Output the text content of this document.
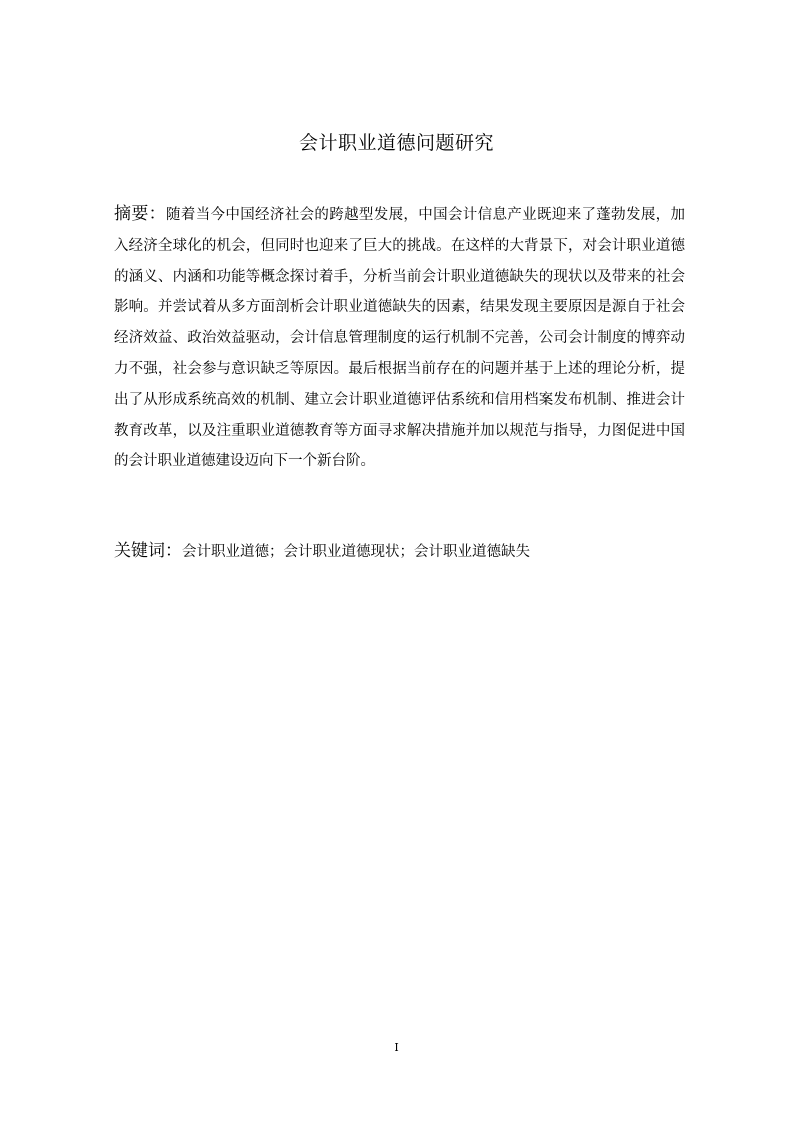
会计职业道德问题研究
摘要：随着当今中国经济社会的跨越型发展，中国会计信息产业既迎来了蓬勃发展，加入经济全球化的机会，但同时也迎来了巨大的挑战。在这样的大背景下，对会计职业道德的涵义、内涵和功能等概念探讨着手，分析当前会计职业道德缺失的现状以及带来的社会影响。并尝试着从多方面剖析会计职业道德缺失的因素，结果发现主要原因是源自于社会经济效益、政治效益驱动，会计信息管理制度的运行机制不完善，公司会计制度的博弈动力不强，社会参与意识缺乏等原因。最后根据当前存在的问题并基于上述的理论分析，提出了从形成系统高效的机制、建立会计职业道德评估系统和信用档案发布机制、推进会计教育改革，以及注重职业道德教育等方面寻求解决措施并加以规范与指导，力图促进中国的会计职业道德建设迈向下一个新台阶。
关键词：会计职业道德；会计职业道德现状；会计职业道德缺失
I
